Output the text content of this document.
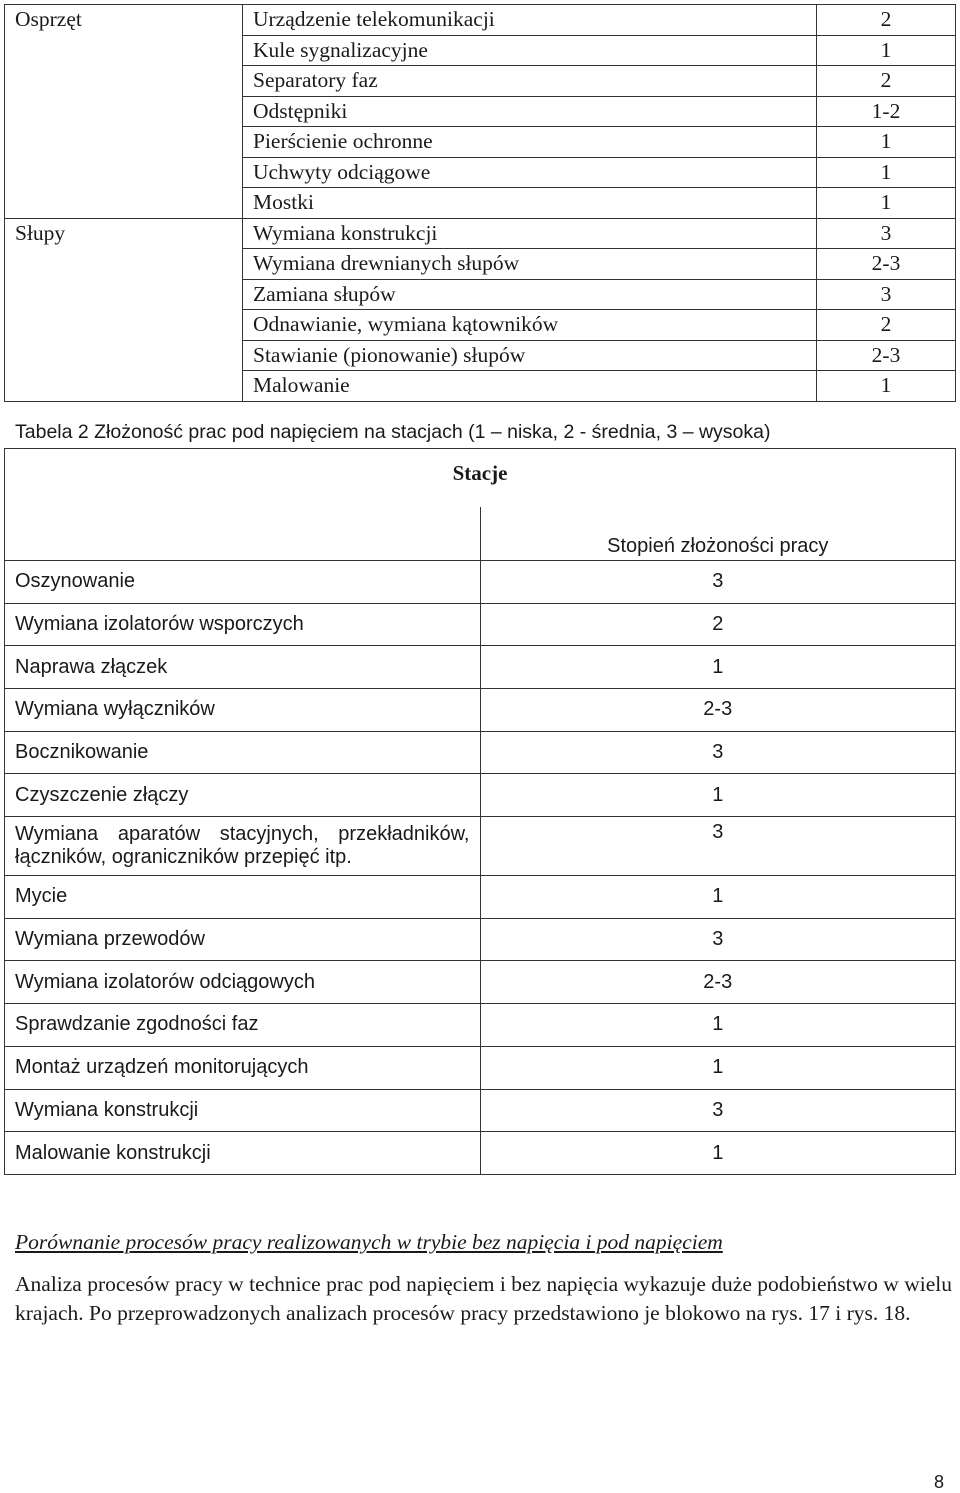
Osprzęt	Urządzenie telekomunikacji	2
	Kule sygnalizacyjne	1
	Separatory faz	2
	Odstępniki	1-2
	Pierścienie ochronne	1
	Uchwyty odciągowe	1
	Mostki	1
Słupy	Wymiana konstrukcji	3
	Wymiana drewnianych słupów	2-3
	Zamiana słupów	3
	Odnawianie, wymiana kątowników	2
	Stawianie (pionowanie) słupów	2-3
	Malowanie	1
Tabela 2 Złożoność prac pod napięciem na stacjach (1 – niska, 2 - średnia, 3 – wysoka)
Stacje	
	Stopień złożoności pracy
Oszynowanie	3
Wymiana izolatorów wsporczych	2
Naprawa złączek	1
Wymiana wyłączników	2-3
Bocznikowanie	3
Czyszczenie złączy	1
Wymiana aparatów stacyjnych, przekładników, łączników, ograniczników przepięć itp.	3
Mycie	1
Wymiana przewodów	3
Wymiana izolatorów odciągowych	2-3
Sprawdzanie zgodności faz	1
Montaż urządzeń monitorujących	1
Wymiana konstrukcji	3
Malowanie konstrukcji	1
Porównanie procesów pracy realizowanych w trybie bez napięcia i pod napięciem
Analiza procesów pracy w technice prac pod napięciem i bez napięcia wykazuje duże podobieństwo w wielu krajach. Po przeprowadzonych analizach procesów pracy przedstawiono je blokowo na rys. 17 i rys. 18.
8
